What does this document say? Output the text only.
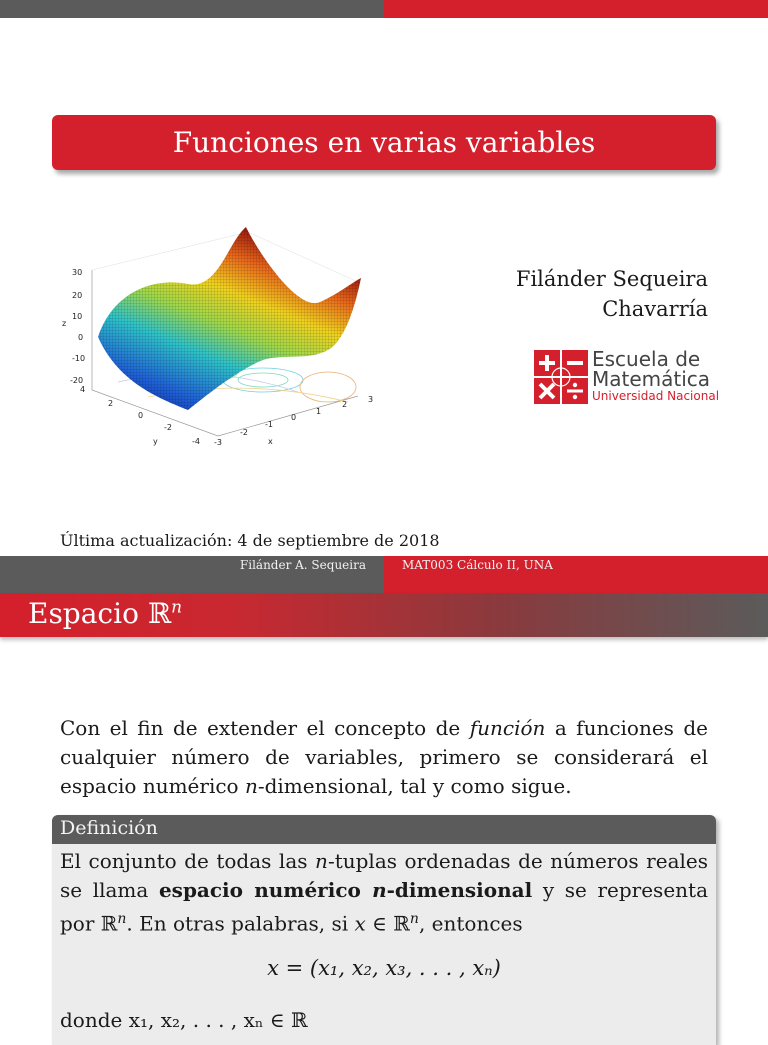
Funciones en varias variables
30
20
10
0
-10
-20
z
4
2
0
-2
-4
y	-3
-2
-1
0
1
2
3
x
Filánder Sequeira
Chavarría
Escuela de
Matemática
Universidad Nacional
Última actualización: 4 de septiembre de 2018
Filánder A. Sequeira	MAT003 Cálculo II, UNA
Espacio ℝ$^n$
Con el fin de extender el concepto de función a funciones de cualquier número de variables, primero se considerará el espacio numérico n-dimensional, tal y como sigue.
Definición
El conjunto de todas las n-tuplas ordenadas de números reales se llama espacio numérico n-dimensional y se representa por ℝ$^n$. En otras palabras, si x ∈ ℝ$^n$, entonces
x = (x₁, x₂, x₃, . . . , xₙ)
donde x₁, x₂, . . . , xₙ ∈ ℝ
